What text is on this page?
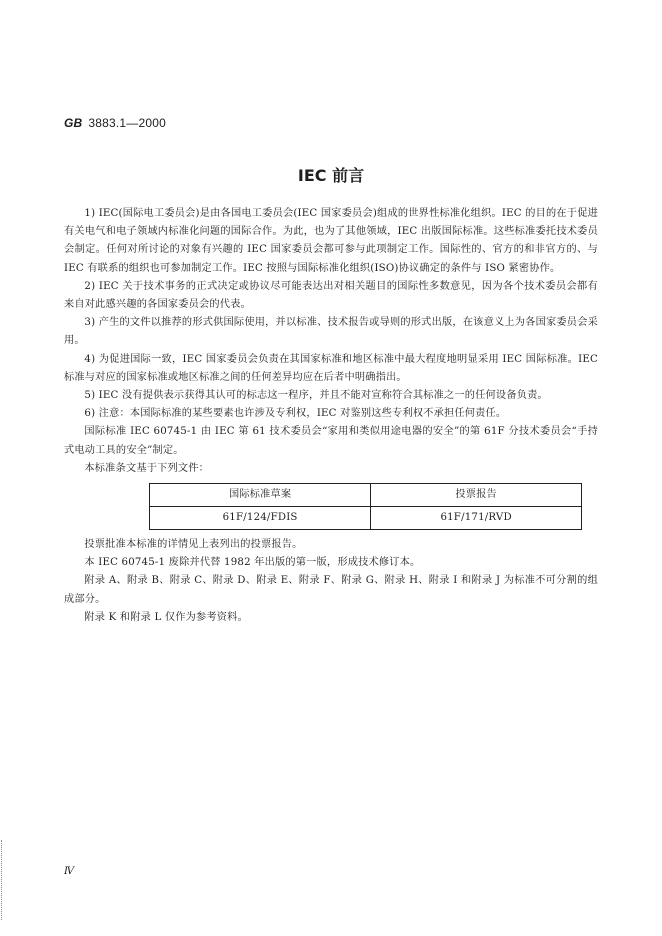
GB 3883.1—2000
IEC 前言

1) IEC(国际电工委员会)是由各国电工委员会(IEC 国家委员会)组成的世界性标准化组织。IEC 的目的在于促进有关电气和电子领域内标准化问题的国际合作。为此，也为了其他领域，IEC 出版国际标准。这些标准委托技术委员会制定。任何对所讨论的对象有兴趣的 IEC 国家委员会都可参与此项制定工作。国际性的、官方的和非官方的、与 IEC 有联系的组织也可参加制定工作。IEC 按照与国际标准化组织(ISO)协议确定的条件与 ISO 紧密协作。

2) IEC 关于技术事务的正式决定或协议尽可能表达出对相关题目的国际性多数意见，因为各个技术委员会都有来自对此感兴趣的各国家委员会的代表。

3) 产生的文件以推荐的形式供国际使用，并以标准、技术报告或导则的形式出版，在该意义上为各国家委员会采用。

4) 为促进国际一致，IEC 国家委员会负责在其国家标准和地区标准中最大程度地明显采用 IEC 国际标准。IEC 标准与对应的国家标准或地区标准之间的任何差异均应在后者中明确指出。

5) IEC 没有提供表示获得其认可的标志这一程序，并且不能对宣称符合其标准之一的任何设备负责。

6) 注意：本国际标准的某些要素也许涉及专利权，IEC 对鉴别这些专利权不承担任何责任。

国际标准 IEC 60745-1 由 IEC 第 61 技术委员会“家用和类似用途电器的安全”的第 61F 分技术委员会“手持式电动工具的安全”制定。

本标准条文基于下列文件：

国际标准草案	投票报告
61F/124/FDIS	61F/171/RVD

投票批准本标准的详情见上表列出的投票报告。

本 IEC 60745-1 废除并代替 1982 年出版的第一版，形成技术修订本。

附录 A、附录 B、附录 C、附录 D、附录 E、附录 F、附录 G、附录 H、附录 I 和附录 J 为标准不可分割的组成部分。

附录 K 和附录 L 仅作为参考资料。

Ⅳ
